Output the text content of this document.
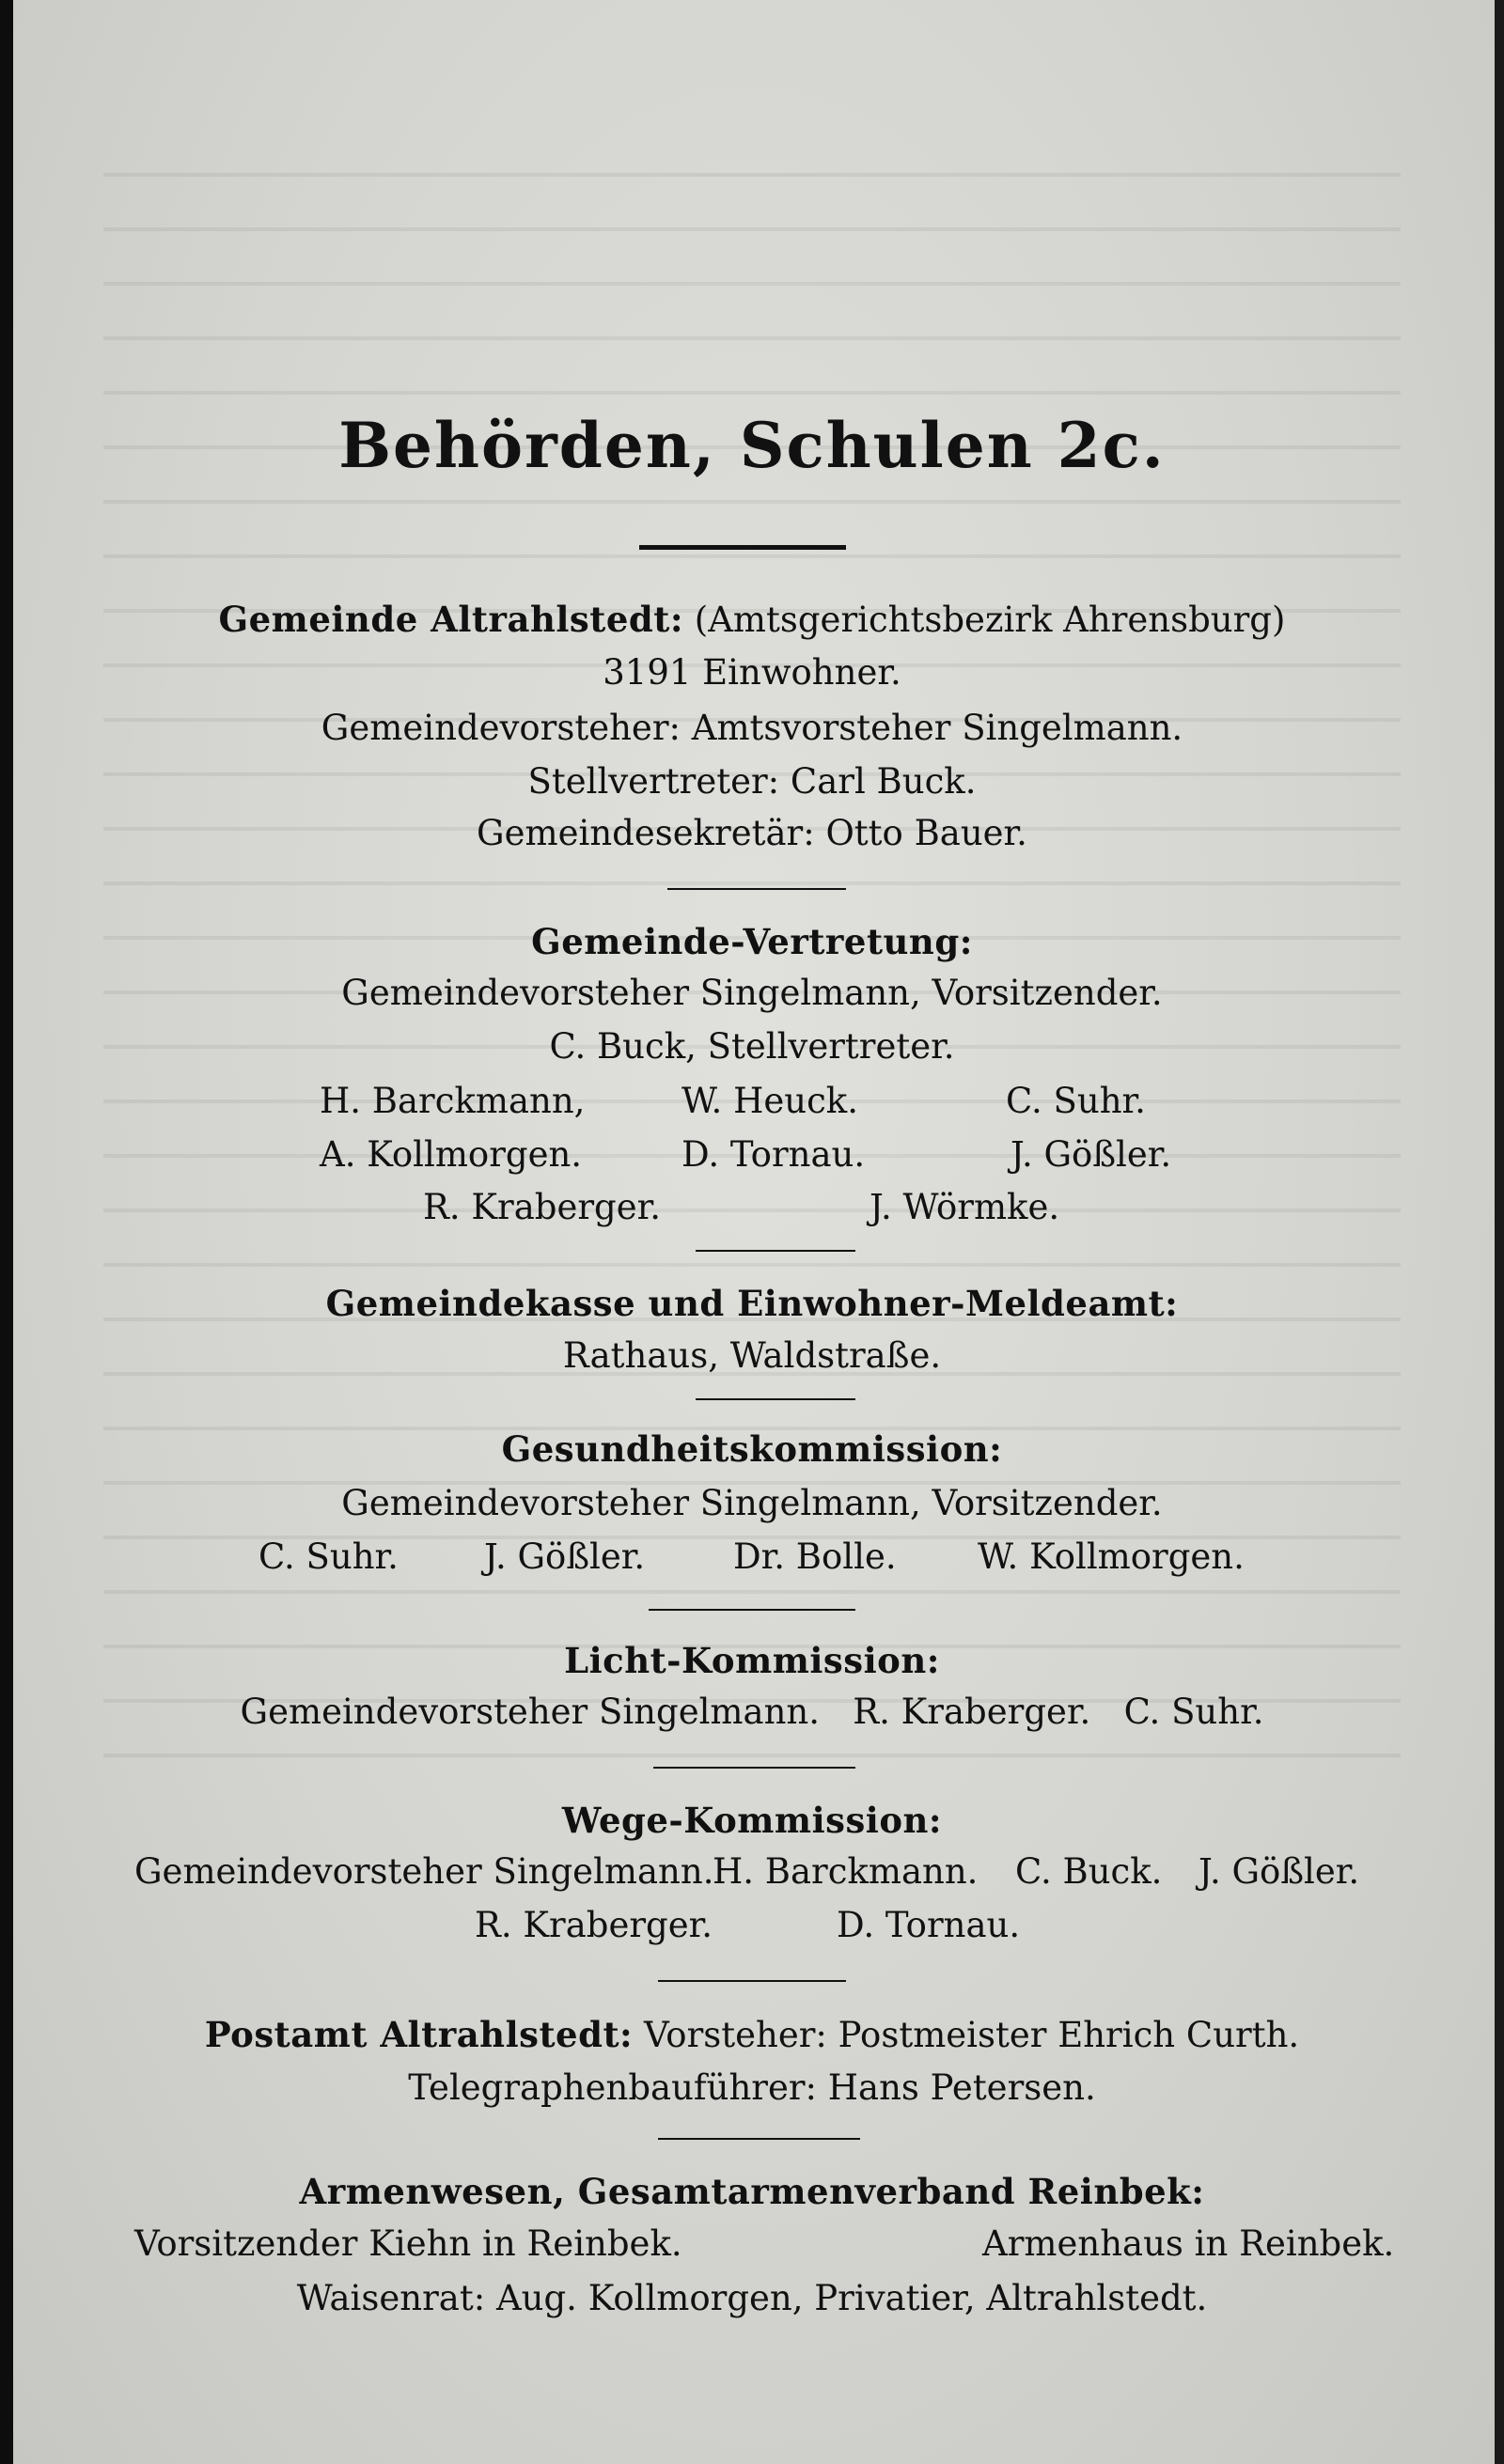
Behörden, Schulen 2c.
Gemeinde Altrahlstedt: (Amtsgerichtsbezirk Ahrensburg)
3191 Einwohner.
Gemeindevorsteher: Amtsvorsteher Singelmann.
Stellvertreter: Carl Buck.
Gemeindesekretär: Otto Bauer.
Gemeinde-Vertretung:
Gemeindevorsteher Singelmann, Vorsitzender.
C. Buck, Stellvertreter.
H. Barckmann,	W. Heuck.	C. Suhr.
A. Kollmorgen.	D. Tornau.	J. Gößler.
R. Kraberger.	J. Wörmke.
Gemeindekasse und Einwohner-Meldeamt:
Rathaus, Waldstraße.
Gesundheitskommission:
Gemeindevorsteher Singelmann, Vorsitzender.
C. Suhr. J. Gößler.	Dr. Bolle. W. Kollmorgen.
Licht-Kommission:
Gemeindevorsteher Singelmann.   R. Kraberger.   C. Suhr.
Wege-Kommission:
Gemeindevorsteher Singelmann.
H. Barckmann. C. Buck. J. Gößler.
R. Kraberger.	D. Tornau.
Postamt Altrahlstedt: Vorsteher: Postmeister Ehrich Curth.
Telegraphenbauführer: Hans Petersen.
Armenwesen, Gesamtarmenverband Reinbek:
Vorsitzender Kiehn in Reinbek.	Armenhaus in Reinbek.
Waisenrat: Aug. Kollmorgen, Privatier, Altrahlstedt.
